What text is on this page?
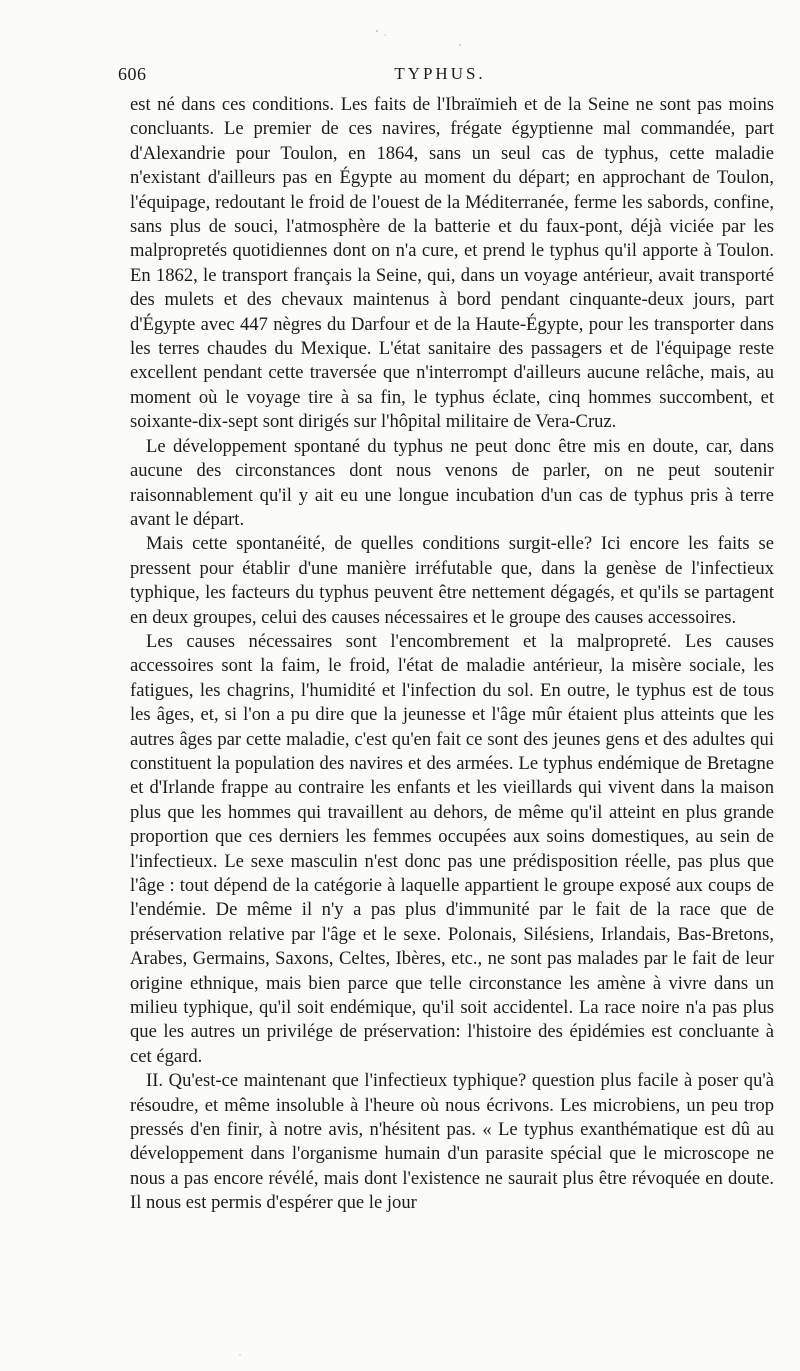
606	TYPHUS.

est né dans ces conditions. Les faits de l'Ibraïmieh et de la Seine ne sont pas moins concluants. Le premier de ces navires, frégate égyptienne mal commandée, part d'Alexandrie pour Toulon, en 1864, sans un seul cas de typhus, cette maladie n'existant d'ailleurs pas en Égypte au moment du départ; en approchant de Toulon, l'équipage, redoutant le froid de l'ouest de la Méditerranée, ferme les sabords, confine, sans plus de souci, l'atmosphère de la batterie et du faux-pont, déjà viciée par les malpropretés quotidiennes dont on n'a cure, et prend le typhus qu'il apporte à Toulon. En 1862, le transport français la Seine, qui, dans un voyage antérieur, avait transporté des mulets et des chevaux maintenus à bord pendant cinquante-deux jours, part d'Égypte avec 447 nègres du Darfour et de la Haute-Égypte, pour les transporter dans les terres chaudes du Mexique. L'état sanitaire des passagers et de l'équipage reste excellent pendant cette traversée que n'interrompt d'ailleurs aucune relâche, mais, au moment où le voyage tire à sa fin, le typhus éclate, cinq hommes succombent, et soixante-dix-sept sont dirigés sur l'hôpital militaire de Vera-Cruz.

Le développement spontané du typhus ne peut donc être mis en doute, car, dans aucune des circonstances dont nous venons de parler, on ne peut soutenir raisonnablement qu'il y ait eu une longue incubation d'un cas de typhus pris à terre avant le départ.

Mais cette spontanéité, de quelles conditions surgit-elle? Ici encore les faits se pressent pour établir d'une manière irréfutable que, dans la genèse de l'infectieux typhique, les facteurs du typhus peuvent être nettement dégagés, et qu'ils se partagent en deux groupes, celui des causes nécessaires et le groupe des causes accessoires.

Les causes nécessaires sont l'encombrement et la malpropreté. Les causes accessoires sont la faim, le froid, l'état de maladie antérieur, la misère sociale, les fatigues, les chagrins, l'humidité et l'infection du sol. En outre, le typhus est de tous les âges, et, si l'on a pu dire que la jeunesse et l'âge mûr étaient plus atteints que les autres âges par cette maladie, c'est qu'en fait ce sont des jeunes gens et des adultes qui constituent la population des navires et des armées. Le typhus endémique de Bretagne et d'Irlande frappe au contraire les enfants et les vieillards qui vivent dans la maison plus que les hommes qui travaillent au dehors, de même qu'il atteint en plus grande proportion que ces derniers les femmes occupées aux soins domestiques, au sein de l'infectieux. Le sexe masculin n'est donc pas une prédisposition réelle, pas plus que l'âge : tout dépend de la catégorie à laquelle appartient le groupe exposé aux coups de l'endémie. De même il n'y a pas plus d'immunité par le fait de la race que de préservation relative par l'âge et le sexe. Polonais, Silésiens, Irlandais, Bas-Bretons, Arabes, Germains, Saxons, Celtes, Ibères, etc., ne sont pas malades par le fait de leur origine ethnique, mais bien parce que telle circonstance les amène à vivre dans un milieu typhique, qu'il soit endémique, qu'il soit accidentel. La race noire n'a pas plus que les autres un privilége de préservation: l'histoire des épidémies est concluante à cet égard.

II. Qu'est-ce maintenant que l'infectieux typhique? question plus facile à poser qu'à résoudre, et même insoluble à l'heure où nous écrivons. Les microbiens, un peu trop pressés d'en finir, à notre avis, n'hésitent pas. « Le typhus exanthématique est dû au développement dans l'organisme humain d'un parasite spécial que le microscope ne nous a pas encore révélé, mais dont l'existence ne saurait plus être révoquée en doute. Il nous est permis d'espérer que le jour
